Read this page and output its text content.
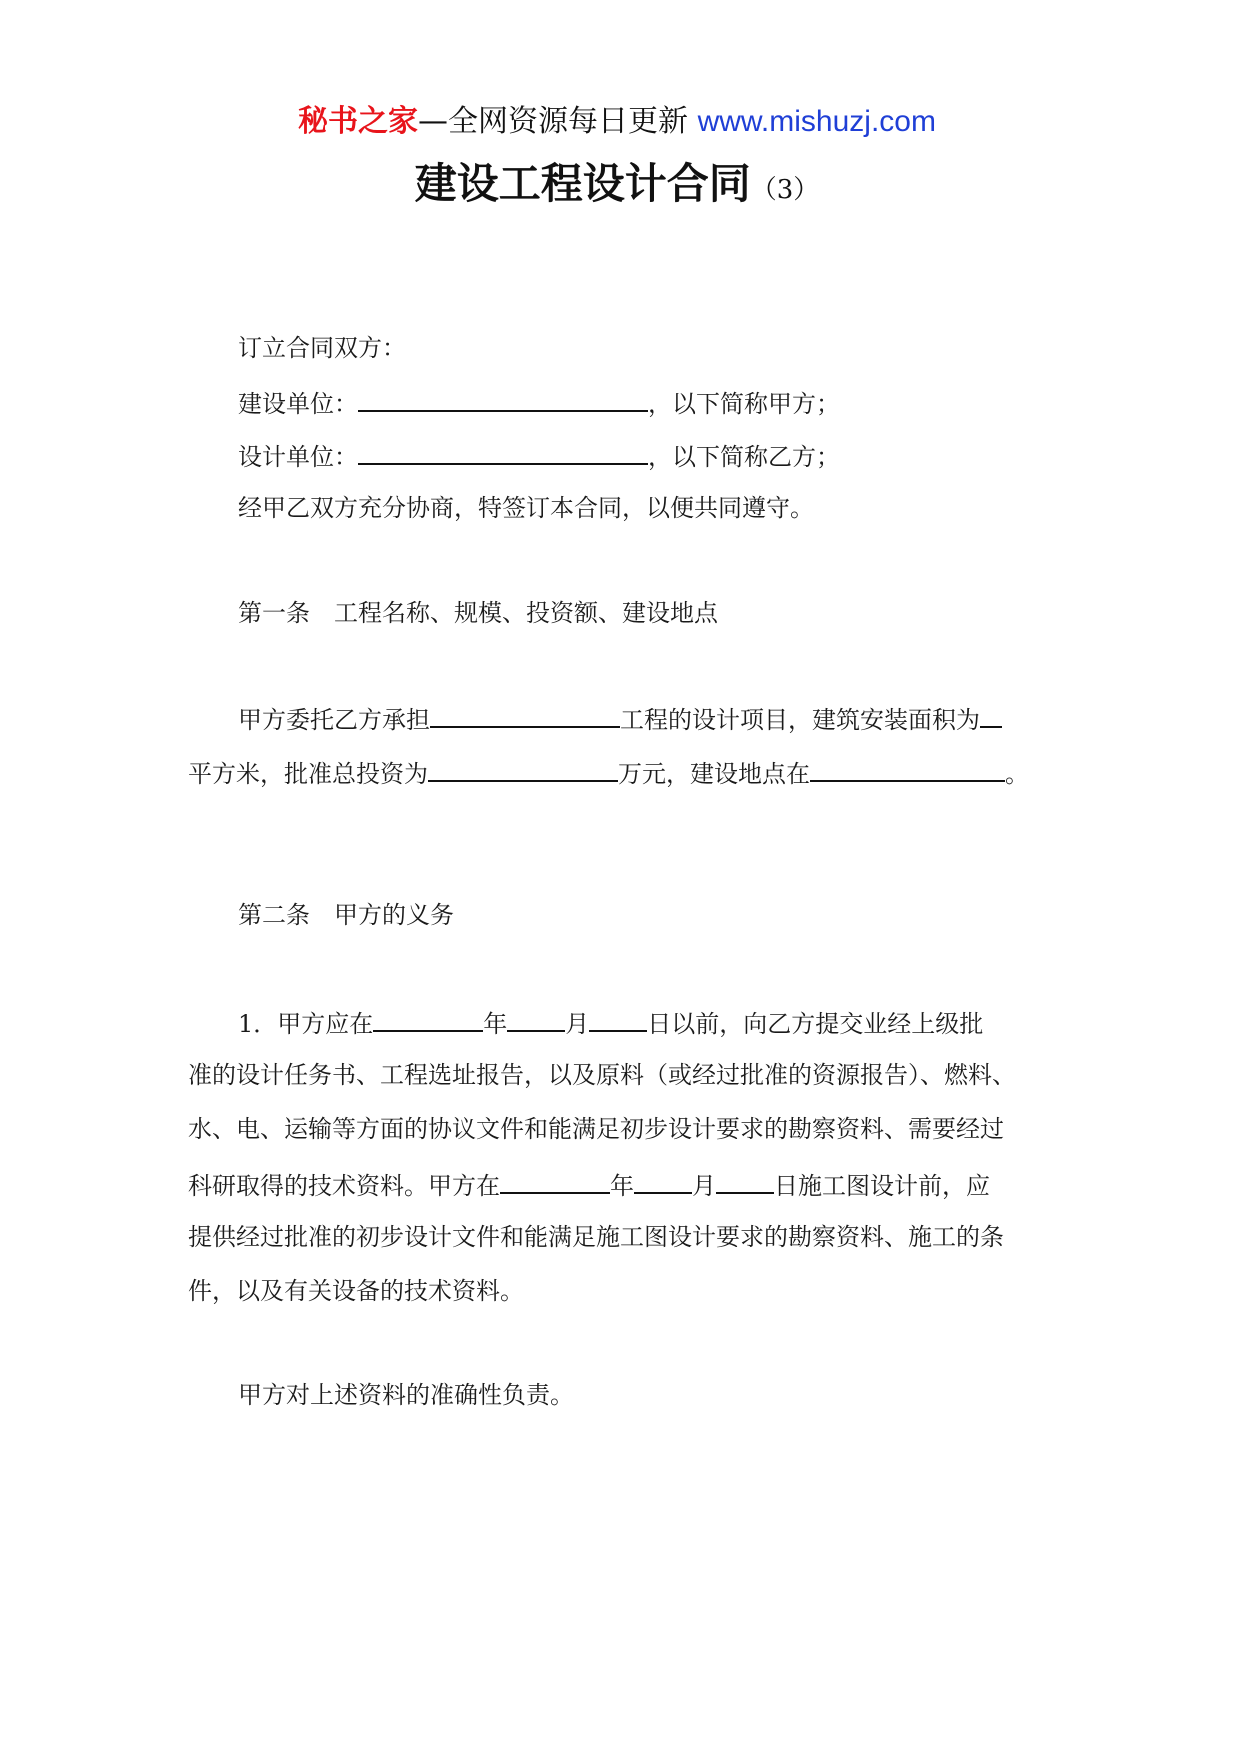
秘书之家—全网资源每日更新 www.mishuzj.com
建设工程设计合同（3）
订立合同双方：
建设单位：	，以下简称甲方；
设计单位：	，以下简称乙方；
经甲乙双方充分协商，特签订本合同，以便共同遵守。
第一条　工程名称、规模、投资额、建设地点
甲方委托乙方承担	工程的设计项目，建筑安装面积为
平方米，批准总投资为	万元，建设地点在	。
第二条　甲方的义务
1．甲方应在	年 月 日以前，向乙方提交业经上级批
准的设计任务书、工程选址报告，以及原料（或经过批准的资源报告）、燃料、
水、电、运输等方面的协议文件和能满足初步设计要求的勘察资料、需要经过
科研取得的技术资料。甲方在	年 月 日施工图设计前，应
提供经过批准的初步设计文件和能满足施工图设计要求的勘察资料、施工的条
件，以及有关设备的技术资料。
甲方对上述资料的准确性负责。
